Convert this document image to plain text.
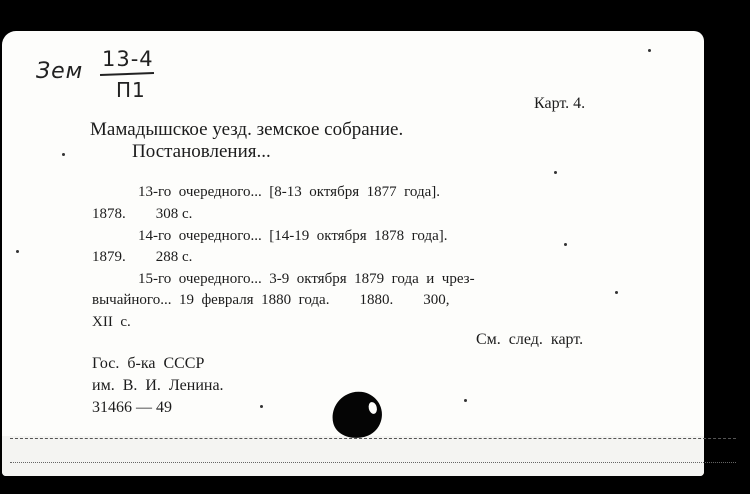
Зем 13-4
П1
Карт. 4.
Мамадышское уезд. земское собрание.
Постановления...
13-го  очередного...  [8-13  октября  1877  года].
1878.        308 с.
14-го  очередного...  [14-19  октября  1878  года].
1879.        288 с.
15-го  очередного...  3-9  октября  1879  года  и  чрез-
вычайного...  19  февраля  1880  года.        1880.        300,
XII  с.
См.  след.  карт.
Гос.  б-ка  СССР
им.  В.  И.  Ленина.
31466 — 49
